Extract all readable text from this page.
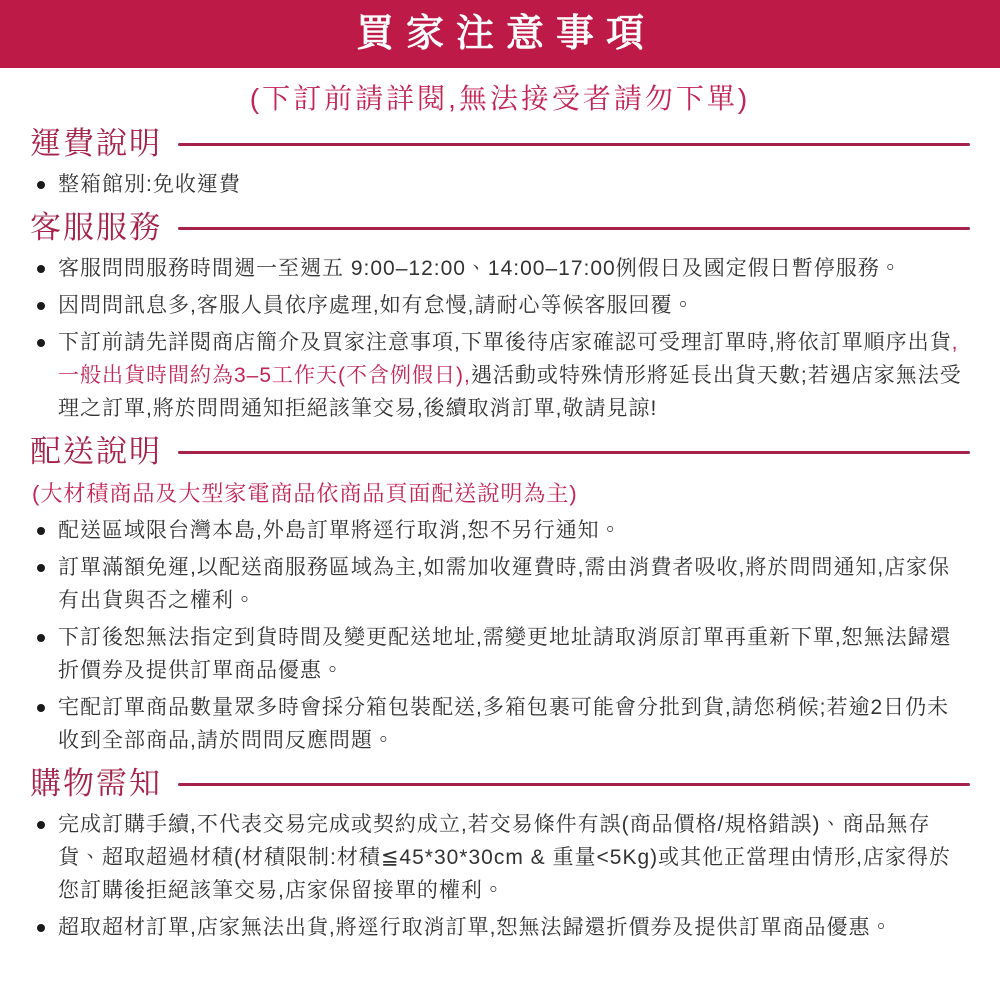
買家注意事項
(下訂前請詳閱,無法接受者請勿下單)
運費說明
整箱館別:免收運費
客服服務
客服問問服務時間週一至週五 9:00–12:00、14:00–17:00例假日及國定假日暫停服務。
因問問訊息多,客服人員依序處理,如有怠慢,請耐心等候客服回覆。
下訂前請先詳閱商店簡介及買家注意事項,下單後待店家確認可受理訂單時,將依訂單順序出貨,一般出貨時間約為3–5工作天(不含例假日),遇活動或特殊情形將延長出貨天數;若遇店家無法受理之訂單,將於問問通知拒絕該筆交易,後續取消訂單,敬請見諒!
配送說明

(大材積商品及大型家電商品依商品頁面配送說明為主)

配送區域限台灣本島,外島訂單將逕行取消,恕不另行通知。
訂單滿額免運,以配送商服務區域為主,如需加收運費時,需由消費者吸收,將於問問通知,店家保有出貨與否之權利。
下訂後恕無法指定到貨時間及變更配送地址,需變更地址請取消原訂單再重新下單,恕無法歸還折價券及提供訂單商品優惠。
宅配訂單商品數量眾多時會採分箱包裝配送,多箱包裹可能會分批到貨,請您稍候;若逾2日仍未收到全部商品,請於問問反應問題。
購物需知
完成訂購手續,不代表交易完成或契約成立,若交易條件有誤(商品價格/規格錯誤)、商品無存貨、超取超過材積(材積限制:材積≦45*30*30cm & 重量<5Kg)或其他正當理由情形,店家得於您訂購後拒絕該筆交易,店家保留接單的權利。
超取超材訂單,店家無法出貨,將逕行取消訂單,恕無法歸還折價券及提供訂單商品優惠。
